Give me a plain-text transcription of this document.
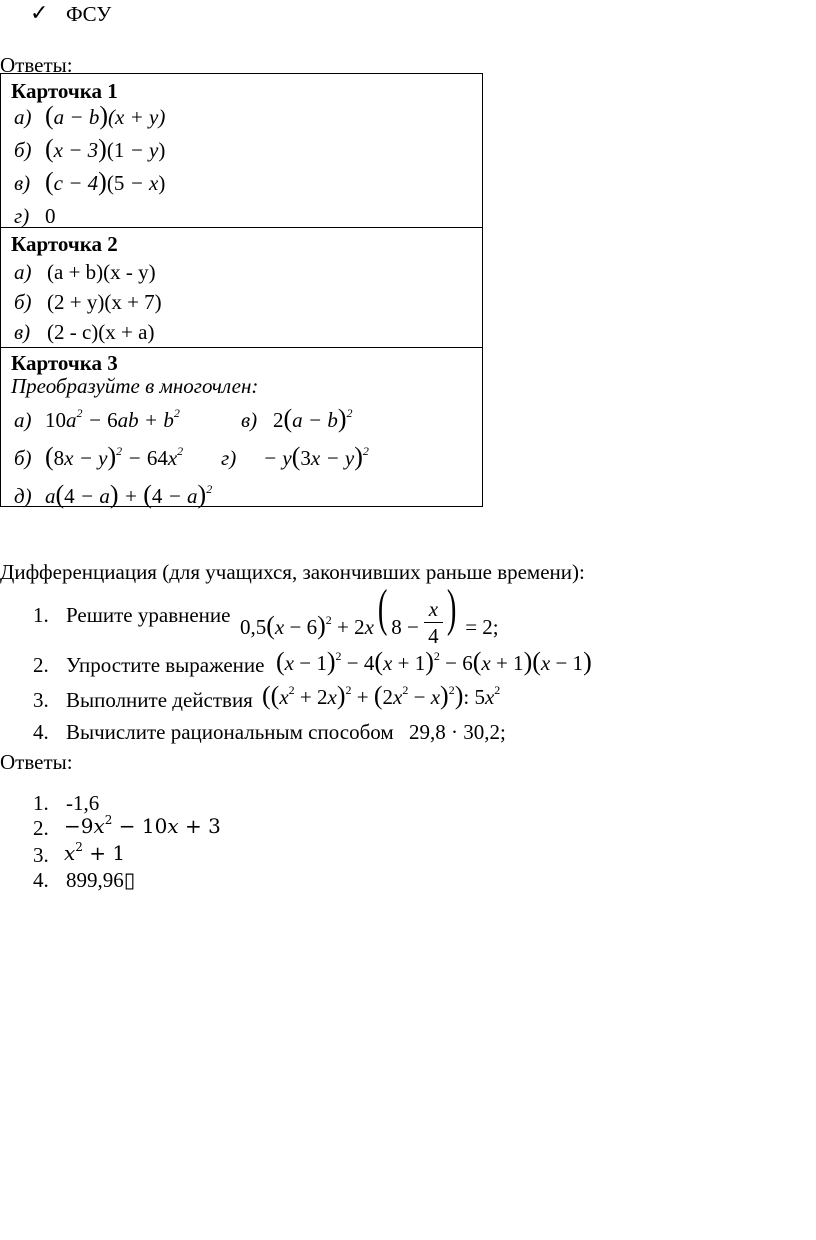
✓ ФСУ
Ответы:
Карточка 1
а) (a − b)(x + y)
б) (x − 3)(1 − y)
в) (c − 4)(5 − x)
г) 0
Карточка 2
а) (a + b)(x - y)
б) (2 + y)(x + 7)
в) (2 - c)(x + a)
Карточка 3
Преобразуйте в многочлен:
а) $10a^2 - 6ab + b^2$	в) $2(a - b)^2$
б) $(8x - y)^2 - 64x^2$ $г) - y(3x - y)^2$
д) $a(4 - a) + (4 - a)^2$
Дифференциация (для учащихся, закончивших раньше времени):
1. Решите уравнение
$0,5(x - 6)^2 + 2x$( $8 - \frac{x}{4}$ ) = 2;
2. Упростите выражение $(x - 1)^2 - 4(x + 1)^2 - 6(x + 1)(x - 1)$
3. Выполните действия $((x^2 + 2x)^2 + (2x^2 - x)^2)$: $5x^2$
4. Вычислите рациональным способом 29,8 · 30,2;
Ответы:
1. -1,6
2. $-9x^2 - 10x + 3$
3. $x^2 + 1$
4. 899,96▯
